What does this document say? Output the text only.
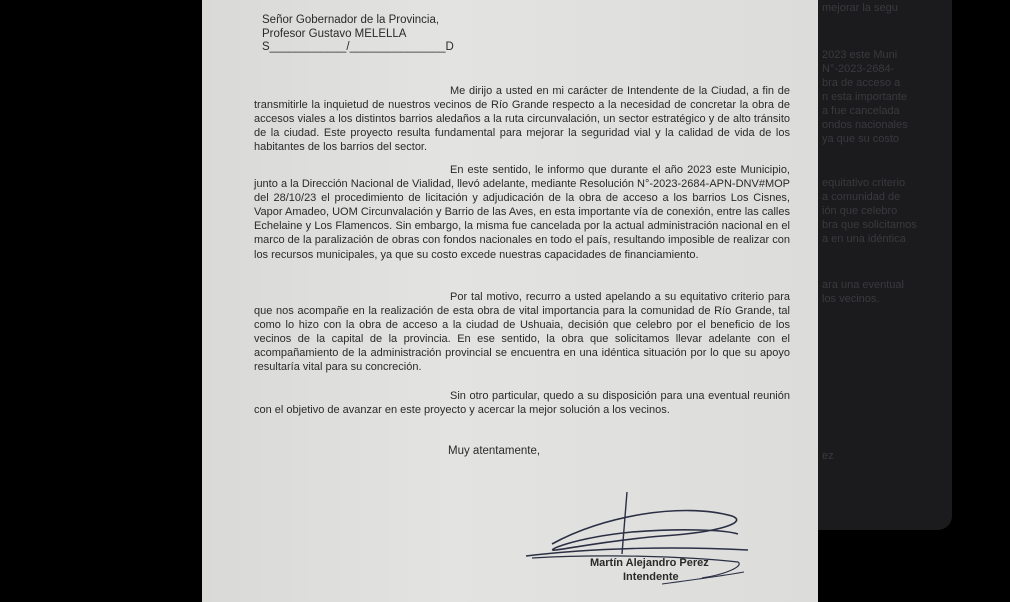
mejorar la segu
2023 este Muni
N°-2023-2684-
bra de acceso a
n esta importante
a fue cancelada
ondos nacionales
ya que su costo
equitativo criterio
a comunidad de
ión que celebro
bra que solicitamos
a en una idéntica
ara una eventual
los vecinos.
ez
Señor Gobernador de la Provincia,
Profesor Gustavo MELELLA
S____________/_______________D
Me dirijo a usted en mi carácter de Intendente de la Ciudad, a fin de transmitirle la inquietud de nuestros vecinos de Río Grande respecto a la necesidad de concretar la obra de accesos viales a los distintos barrios aledaños a la ruta circunvalación, un sector estratégico y de alto tránsito de la ciudad. Este proyecto resulta fundamental para mejorar la seguridad vial y la calidad de vida de los habitantes de los barrios del sector.
En este sentido, le informo que durante el año 2023 este Municipio, junto a la Dirección Nacional de Vialidad, llevó adelante, mediante Resolución N°-2023-2684-APN-DNV#MOP del 28/10/23 el procedimiento de licitación y adjudicación de la obra de acceso a los barrios Los Cisnes, Vapor Amadeo, UOM Circunvalación y Barrio de las Aves, en esta importante vía de conexión, entre las calles Echelaine y Los Flamencos. Sin embargo, la misma fue cancelada por la actual administración nacional en el marco de la paralización de obras con fondos nacionales en todo el país, resultando imposible de realizar con los recursos municipales, ya que su costo excede nuestras capacidades de financiamiento.
Por tal motivo, recurro a usted apelando a su equitativo criterio para que nos acompañe en la realización de esta obra de vital importancia para la comunidad de Río Grande, tal como lo hizo con la obra de acceso a la ciudad de Ushuaia, decisión que celebro por el beneficio de los vecinos de la capital de la provincia. En ese sentido, la obra que solicitamos llevar adelante con el acompañamiento de la administración provincial se encuentra en una idéntica situación por lo que su apoyo resultaría vital para su concreción.
Sin otro particular, quedo a su disposición para una eventual reunión con el objetivo de avanzar en este proyecto y acercar la mejor solución a los vecinos.
Muy atentamente,
Martín Alejandro Perez
Intendente
